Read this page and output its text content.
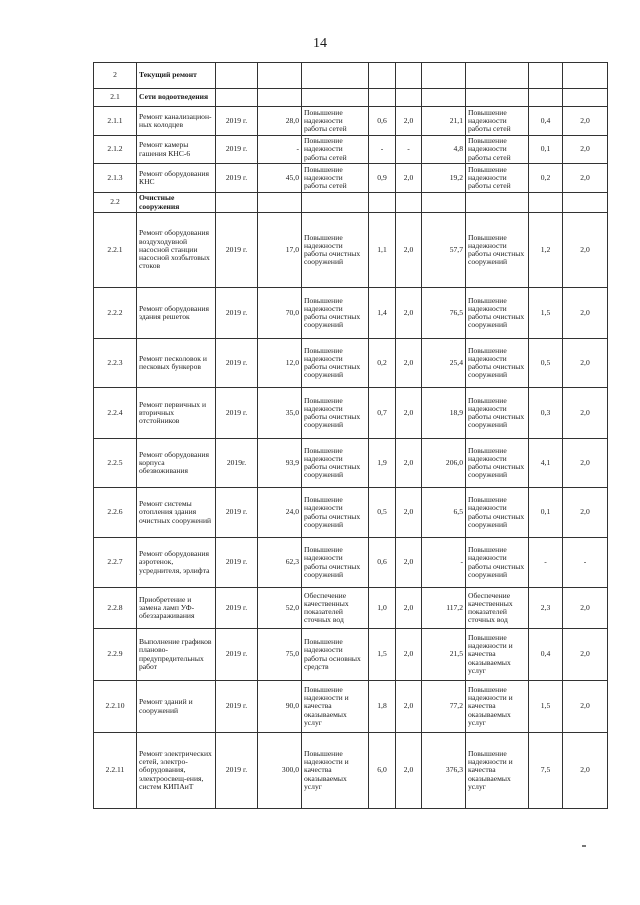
14
2	Текущий ремонт									
2.1	Сети водоотведения									
2.1.1	Ремонт канализацион-ных колодцев	2019 г.	28,0	Повышение надежности работы сетей	0,6	2,0	21,1	Повышение надежности работы сетей	0,4	2,0
2.1.2	Ремонт камеры гашения КНС-6	2019 г.	-	Повышение надежности работы сетей	-	-	4,8	Повышение надежности работы сетей	0,1	2,0
2.1.3	Ремонт оборудования КНС	2019 г.	45,0	Повышение надежности работы сетей	0,9	2,0	19,2	Повышение надежности работы сетей	0,2	2,0
2.2	Очистные сооружения									
2.2.1	Ремонт оборудования воздуходувной насосной станции насосной хозбытовых стоков	2019 г.	17,0	Повышение надежности работы очистных сооружений	1,1	2,0	57,7	Повышение надежности работы очистных сооружений	1,2	2,0
2.2.2	Ремонт оборудования здания решеток	2019 г.	70,0	Повышение надежности работы очистных сооружений	1,4	2,0	76,5	Повышение надежности работы очистных сооружений	1,5	2,0
2.2.3	Ремонт песколовок и песковых бункеров	2019 г.	12,0	Повышение надежности работы очистных сооружений	0,2	2,0	25,4	Повышение надежности работы очистных сооружений	0,5	2,0
2.2.4	Ремонт первичных и вторичных отстойников	2019 г.	35,0	Повышение надежности работы очистных сооружений	0,7	2,0	18,9	Повышение надежности работы очистных сооружений	0,3	2,0
2.2.5	Ремонт оборудования корпуса обезвоживания	2019г.	93,9	Повышение надежности работы очистных сооружений	1,9	2,0	206,0	Повышение надежности работы очистных сооружений	4,1	2,0
2.2.6	Ремонт системы отопления здания очистных сооружений	2019 г.	24,0	Повышение надежности работы очистных сооружений	0,5	2,0	6,5	Повышение надежности работы очистных сооружений	0,1	2,0
2.2.7	Ремонт оборудования аэротенок, усреднителя, эрлифта	2019 г.	62,3	Повышение надежности работы очистных сооружений	0,6	2,0	-	Повышение надежности работы очистных сооружений	-	-
2.2.8	Приобретение и замена ламп УФ-обеззараживания	2019 г.	52,0	Обеспечение качественных показателей сточных вод	1,0	2,0	117,2	Обеспечение качественных показателей сточных вод	2,3	2,0
2.2.9	Выполнение графиков планово-предупредительных работ	2019 г.	75,0	Повышение надежности работы основных средств	1,5	2,0	21,5	Повышение надежности и качества оказываемых услуг	0,4	2,0
2.2.10	Ремонт зданий и сооружений	2019 г.	90,0	Повышение надежности и качества оказываемых услуг	1,8	2,0	77,2	Повышение надежности и качества оказываемых услуг	1,5	2,0
2.2.11	Ремонт электрических сетей, электро-оборудования, электроосвещ-ения, систем КИПАиТ	2019 г.	300,0	Повышение надежности и качества оказываемых услуг	6,0	2,0	376,3	Повышение надежности и качества оказываемых услуг	7,5	2,0
